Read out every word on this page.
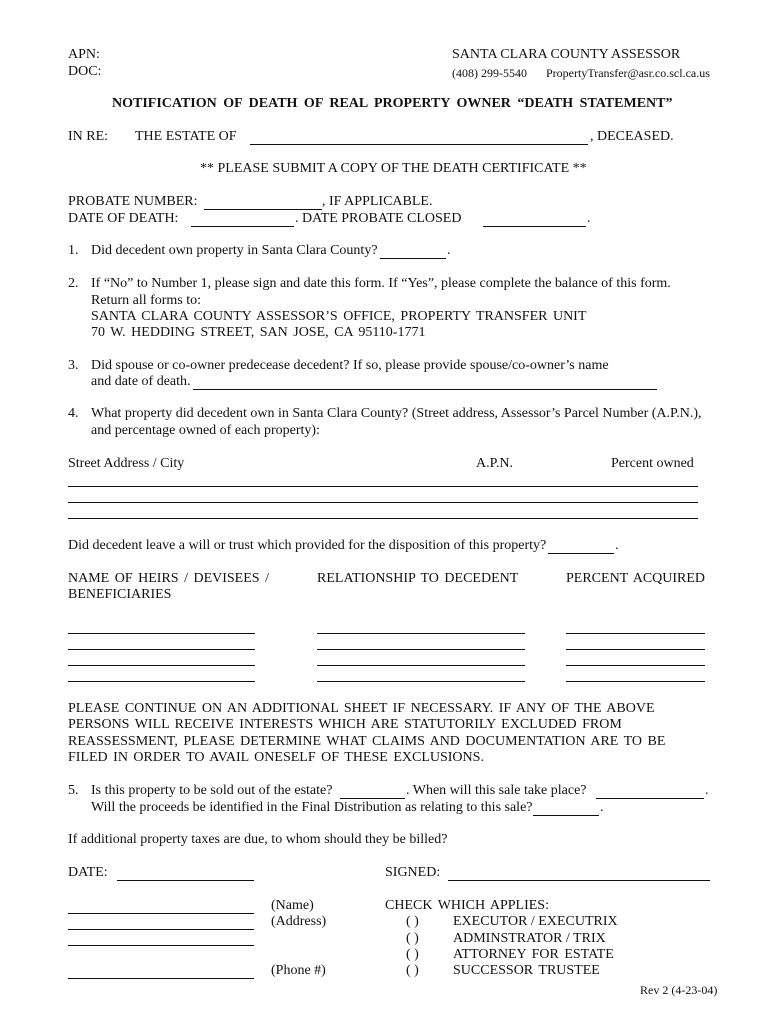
APN:
DOC:
SANTA CLARA COUNTY ASSESSOR
(408) 299-5540 PropertyTransfer@asr.co.scl.ca.us
NOTIFICATION OF DEATH OF REAL PROPERTY OWNER “DEATH STATEMENT”
IN RE: THE ESTATE OF	, DECEASED.
** PLEASE SUBMIT A COPY OF THE DEATH CERTIFICATE **
PROBATE NUMBER:	, IF APPLICABLE.
DATE OF DEATH:	. DATE PROBATE CLOSED	.
1. Did decedent own property in Santa Clara County?	.
2. If “No” to Number 1, please sign and date this form. If “Yes”, please complete the balance of this form.
Return all forms to:
SANTA CLARA COUNTY ASSESSOR’S OFFICE, PROPERTY TRANSFER UNIT
70 W. HEDDING STREET, SAN JOSE, CA 95110-1771
3. Did spouse or co-owner predecease decedent? If so, please provide spouse/co-owner’s name
and date of death.
4. What property did decedent own in Santa Clara County? (Street address, Assessor’s Parcel Number (A.P.N.),
and percentage owned of each property):
Street Address / City	A.P.N.	Percent owned
Did decedent leave a will or trust which provided for the disposition of this property?	.
NAME OF HEIRS / DEVISEES /
BENEFICIARIES
RELATIONSHIP TO DECEDENT	PERCENT ACQUIRED
PLEASE CONTINUE ON AN ADDITIONAL SHEET IF NECESSARY. IF ANY OF THE ABOVE
PERSONS WILL RECEIVE INTERESTS WHICH ARE STATUTORILY EXCLUDED FROM
REASSESSMENT, PLEASE DETERMINE WHAT CLAIMS AND DOCUMENTATION ARE TO BE
FILED IN ORDER TO AVAIL ONESELF OF THESE EXCLUSIONS.
5. Is this property to be sold out of the estate?	. When will this sale take place?	.
Will the proceeds be identified in the Final Distribution as relating to this sale?	.
If additional property taxes are due, to whom should they be billed?
DATE:	SIGNED:
(Name)
(Address)
(Phone #)
CHECK WHICH APPLIES:
( ) EXECUTOR / EXECUTRIX
( ) ADMINSTRATOR / TRIX
( ) ATTORNEY FOR ESTATE
( ) SUCCESSOR TRUSTEE
Rev 2 (4-23-04)
